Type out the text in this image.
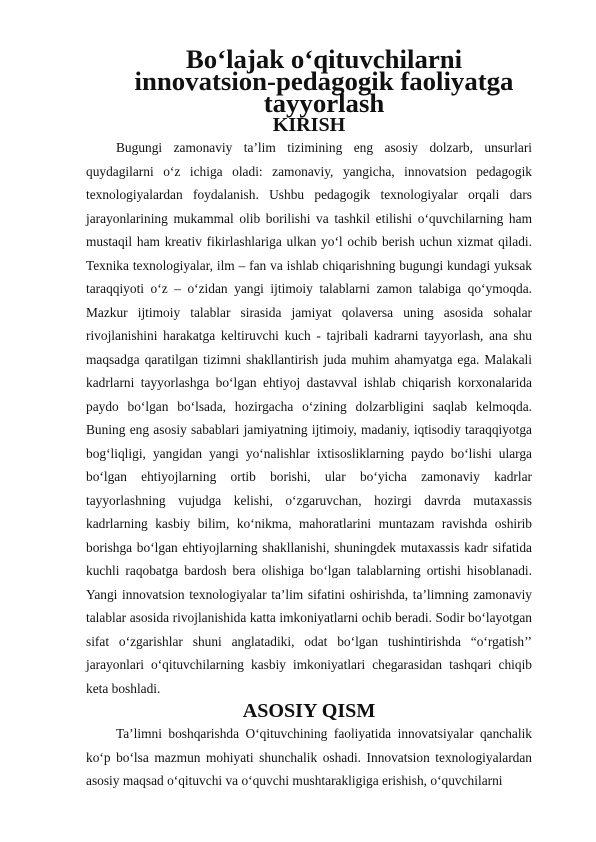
Bo‘lajak o‘qituvchilarni innovatsion-pedagogik faoliyatga tayyorlash
KIRISH

Bugungi zamonaviy ta’lim tizimining eng asosiy dolzarb, unsurlari quydagilarni o‘z ichiga oladi: zamonaviy, yangicha, innovatsion pedagogik texnologiyalardan foydalanish. Ushbu pedagogik texnologiyalar orqali dars jarayonlarining mukammal olib borilishi va tashkil etilishi o‘quvchilarning ham mustaqil ham kreativ fikirlashlariga ulkan yo‘l ochib berish uchun xizmat qiladi. Texnika texnologiyalar, ilm – fan va ishlab chiqarishning bugungi kundagi yuksak taraqqiyoti o‘z – o‘zidan yangi ijtimoiy talablarni zamon talabiga qo‘ymoqda. Mazkur ijtimoiy talablar sirasida jamiyat qolaversa uning asosida sohalar rivojlanishini harakatga keltiruvchi kuch - tajribali kadrarni tayyorlash, ana shu maqsadga qaratilgan tizimni shakllantirish juda muhim ahamyatga ega. Malakali kadrlarni tayyorlashga bo‘lgan ehtiyoj dastavval ishlab chiqarish korxonalarida paydo bo‘lgan bo‘lsada, hozirgacha o‘zining dolzarbligini saqlab kelmoqda. Buning eng asosiy sabablari jamiyatning ijtimoiy, madaniy, iqtisodiy taraqqiyotga bog‘liqligi, yangidan yangi yo‘nalishlar ixtisosliklarning paydo bo‘lishi ularga bo‘lgan ehtiyojlarning ortib borishi, ular bo‘yicha zamonaviy kadrlar tayyorlashning vujudga kelishi, o‘zgaruvchan, hozirgi davrda mutaxassis kadrlarning kasbiy bilim, ko‘nikma, mahoratlarini muntazam ravishda oshirib borishga bo‘lgan ehtiyojlarning shakllanishi, shuningdek mutaxassis kadr sifatida kuchli raqobatga bardosh bera olishiga bo‘lgan talablarning ortishi hisoblanadi. Yangi innovatsion texnologiyalar ta’lim sifatini oshirishda, ta’limning zamonaviy talablar asosida rivojlanishida katta imkoniyatlarni ochib beradi. Sodir bo‘layotgan sifat o‘zgarishlar shuni anglatadiki, odat bo‘lgan tushintirishda “o‘rgatish’’ jarayonlari o‘qituvchilarning kasbiy imkoniyatlari chegarasidan tashqari chiqib keta boshladi.

ASOSIY QISM

Ta’limni boshqarishda O‘qituvchining faoliyatida innovatsiyalar qanchalik ko‘p bo‘lsa mazmun mohiyati shunchalik oshadi. Innovatsion texnologiyalardan asosiy maqsad o‘qituvchi va o‘quvchi mushtarakligiga erishish, o‘quvchilarni
